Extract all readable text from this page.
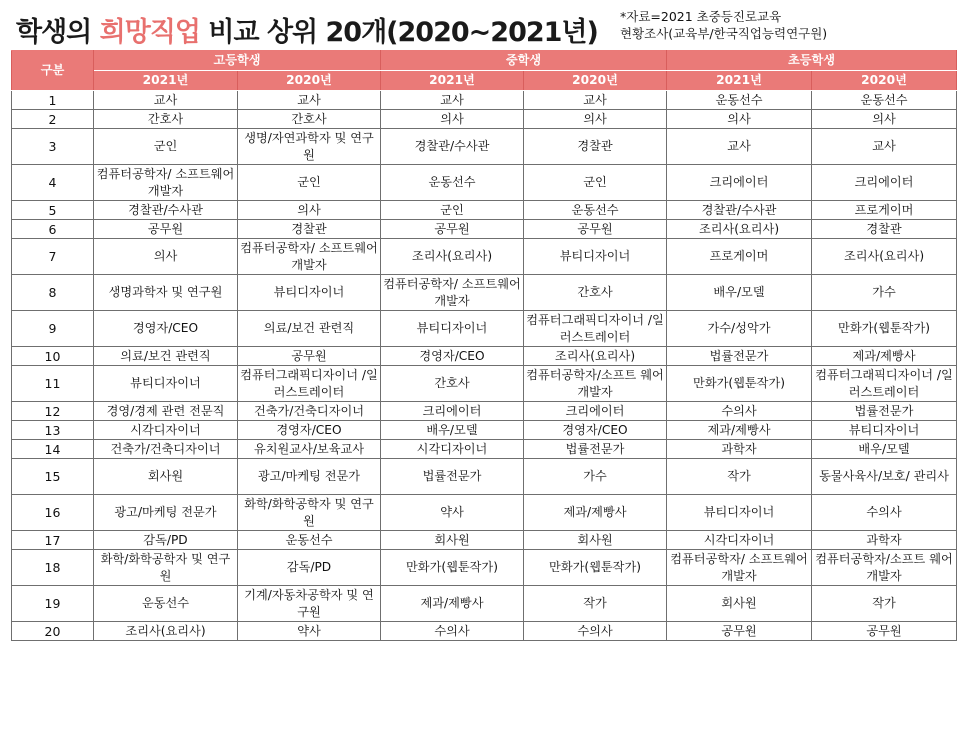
학생의 희망직업 비교 상위 20개(2020~2021년)
*자료=2021 초중등진로교육
현황조사(교육부/한국직업능력연구원)
구분	고등학생		중학생		초등학생	
	2021년	2020년	2021년	2020년	2021년	2020년
1	교사	교사	교사	교사	운동선수	운동선수
2	간호사	간호사	의사	의사	의사	의사
3	군인	생명/자연과학자 및 연구원	경찰관/수사관	경찰관	교사	교사
4	컴퓨터공학자/ 소프트웨어개발자	군인	운동선수	군인	크리에이터	크리에이터
5	경찰관/수사관	의사	군인	운동선수	경찰관/수사관	프로게이머
6	공무원	경찰관	공무원	공무원	조리사(요리사)	경찰관
7	의사	컴퓨터공학자/ 소프트웨어개발자	조리사(요리사)	뷰티디자이너	프로게이머	조리사(요리사)
8	생명과학자 및 연구원	뷰티디자이너	컴퓨터공학자/ 소프트웨어개발자	간호사	배우/모델	가수
9	경영자/CEO	의료/보건 관련직	뷰티디자이너	컴퓨터그래픽디자이너 /일러스트레이터	가수/성악가	만화가(웹툰작가)
10	의료/보건 관련직	공무원	경영자/CEO	조리사(요리사)	법률전문가	제과/제빵사
11	뷰티디자이너	컴퓨터그래픽디자이너 /일러스트레이터	간호사	컴퓨터공학자/소프트 웨어개발자	만화가(웹툰작가)	컴퓨터그래픽디자이너 /일러스트레이터
12	경영/경제 관련 전문직	건축가/건축디자이너	크리에이터	크리에이터	수의사	법률전문가
13	시각디자이너	경영자/CEO	배우/모델	경영자/CEO	제과/제빵사	뷰티디자이너
14	건축가/건축디자이너	유치원교사/보육교사	시각디자이너	법률전문가	과학자	배우/모델
15	회사원	광고/마케팅 전문가	법률전문가	가수	작가	동물사육사/보호/ 관리사
16	광고/마케팅 전문가	화학/화학공학자 및 연구원	약사	제과/제빵사	뷰티디자이너	수의사
17	감독/PD	운동선수	회사원	회사원	시각디자이너	과학자
18	화학/화학공학자 및 연구원	감독/PD	만화가(웹툰작가)	만화가(웹툰작가)	컴퓨터공학자/ 소프트웨어개발자	컴퓨터공학자/소프트 웨어개발자
19	운동선수	기계/자동차공학자 및 연구원	제과/제빵사	작가	회사원	작가
20	조리사(요리사)	약사	수의사	수의사	공무원	공무원
